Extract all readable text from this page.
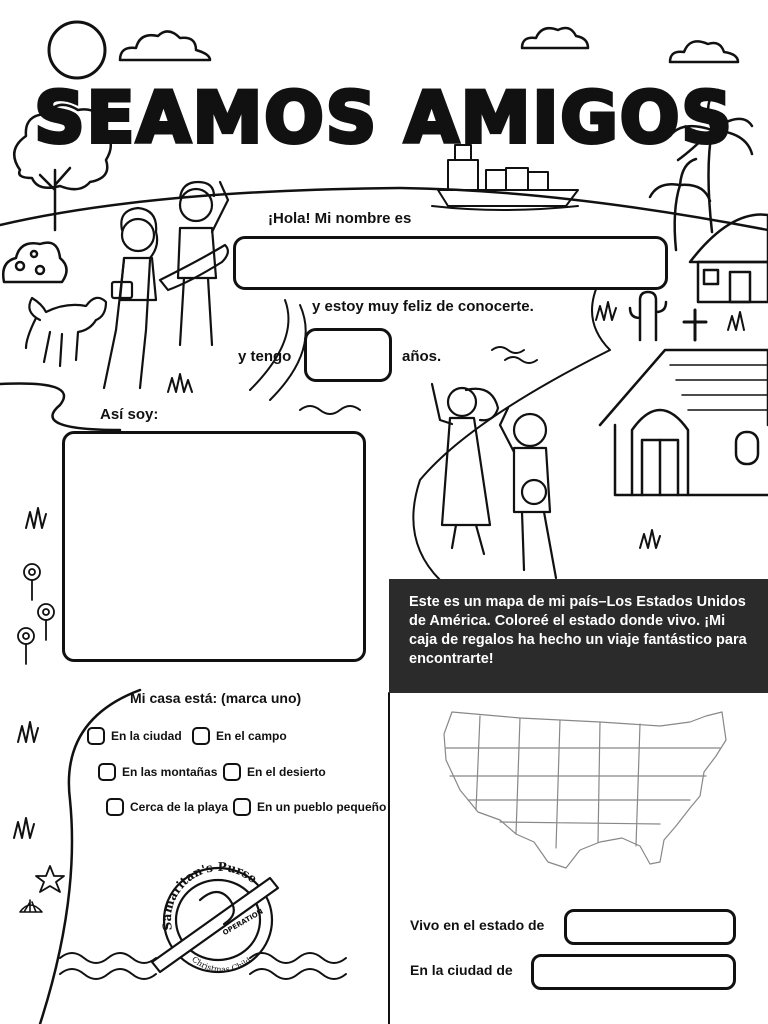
SEAMOS AMIGOS
¡Hola! Mi nombre es
y estoy muy feliz de conocerte.
y tengo	años.
Así soy:
Mi casa está: (marca uno)
En la ciudad	En el campo
En las montañas En el desierto
Cerca de la playa En un pueblo pequeño
Samaritan's Purse
OPERATION
Christmas Child
Este es un mapa de mi país–Los Estados Unidos de América. Coloreé el estado donde vivo. ¡Mi caja de regalos ha hecho un viaje fantástico para encontrarte!
Vivo en el estado de
En la ciudad de
